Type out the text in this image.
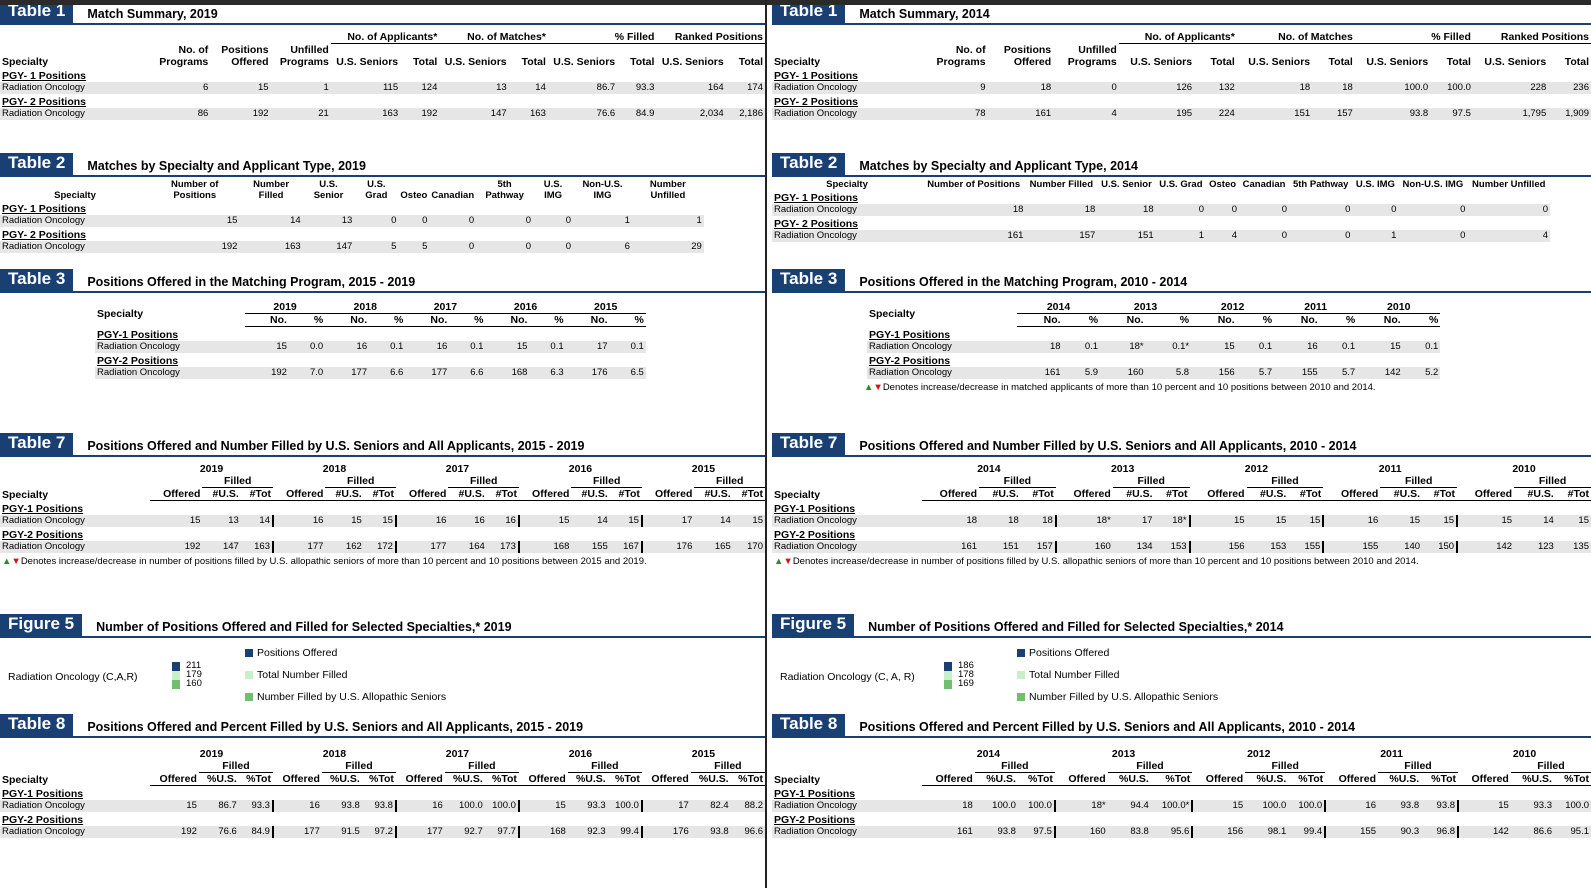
Table 1	Match Summary, 2019
Specialty				No. of Applicants*		No. of Matches*		% Filled		Ranked Positions	
	No. of Programs	Positions Offered	Unfilled Programs	U.S. Seniors	Total	U.S. Seniors	Total	U.S. Seniors	Total	U.S. Seniors	Total
PGY- 1 Positions											
Radiation Oncology	6	15	1	115	124	13	14	86.7	93.3	164	174
PGY- 2 Positions											
Radiation Oncology	86	192	21	163	192	147	163	76.6	84.9	2,034	2,186
Table 2	Matches by Specialty and Applicant Type, 2019
Specialty	Number of Positions	Number Filled	U.S. Senior	U.S. Grad	Osteo	Canadian	5th Pathway	U.S. IMG	Non-U.S. IMG	Number Unfilled
PGY- 1 Positions										
Radiation Oncology	15	14	13	0	0	0	0	0	1	1
PGY- 2 Positions										
Radiation Oncology	192	163	147	5	5	0	0	0	6	29
Table 3	Positions Offered in the Matching Program, 2015 - 2019
Specialty	2019		2018		2017		2016		2015	
	No.	%	No.	%	No.	%	No.	%	No.	%
PGY-1 Positions										
Radiation Oncology	15	0.0	16	0.1	16	0.1	15	0.1	17	0.1
PGY-2 Positions										
Radiation Oncology	192	7.0	177	6.6	177	6.6	168	6.3	176	6.5
Table 7	Positions Offered and Number Filled by U.S. Seniors and All Applicants, 2015 - 2019
Specialty	2019			2018			2017			2016			2015		
		Filled			Filled			Filled			Filled			Filled	
	Offered	#U.S.	#Tot	Offered	#U.S.	#Tot	Offered	#U.S.	#Tot	Offered	#U.S.	#Tot	Offered	#U.S.	#Tot
PGY-1 Positions															
Radiation Oncology	15	13	14	16	15	15	16	16	16	15	14	15	17	14	15
PGY-2 Positions															
Radiation Oncology	192	147	163	177	162	172	177	164	173	168	155	167	176	165	170
▲▼Denotes increase/decrease in number of positions filled by U.S. allopathic seniors of more than 10 percent and 10 positions between 2015 and 2019.
Figure 5	Number of Positions Offered and Filled for Selected Specialties,* 2019
Radiation Oncology (C,A,R)
211
179
160
Positions Offered
Total Number Filled
Number Filled by U.S. Allopathic Seniors
Table 8	Positions Offered and Percent Filled by U.S. Seniors and All Applicants, 2015 - 2019
Specialty	2019			2018			2017			2016			2015		
		Filled			Filled			Filled			Filled			Filled	
	Offered	%U.S.	%Tot	Offered	%U.S.	%Tot	Offered	%U.S.	%Tot	Offered	%U.S.	%Tot	Offered	%U.S.	%Tot
PGY-1 Positions															
Radiation Oncology	15	86.7	93.3	16	93.8	93.8	16	100.0	100.0	15	93.3	100.0	17	82.4	88.2
PGY-2 Positions															
Radiation Oncology	192	76.6	84.9	177	91.5	97.2	177	92.7	97.7	168	92.3	99.4	176	93.8	96.6
Table 1	Match Summary, 2014
Specialty				No. of Applicants*		No. of Matches		% Filled		Ranked Positions	
	No. of Programs	Positions Offered	Unfilled Programs	U.S. Seniors	Total	U.S. Seniors	Total	U.S. Seniors	Total	U.S. Seniors	Total
PGY- 1 Positions											
Radiation Oncology	9	18	0	126	132	18	18	100.0	100.0	228	236
PGY- 2 Positions											
Radiation Oncology	78	161	4	195	224	151	157	93.8	97.5	1,795	1,909
Table 2	Matches by Specialty and Applicant Type, 2014
Specialty	Number of Positions	Number Filled	U.S. Senior	U.S. Grad	Osteo	Canadian	5th Pathway	U.S. IMG	Non-U.S. IMG	Number Unfilled
PGY- 1 Positions										
Radiation Oncology	18	18	18	0	0	0	0	0	0	0
PGY- 2 Positions										
Radiation Oncology	161	157	151	1	4	0	0	1	0	4
Table 3	Positions Offered in the Matching Program, 2010 - 2014
Specialty	2014		2013		2012		2011		2010	
	No.	%	No.	%	No.	%	No.	%	No.	%
PGY-1 Positions										
Radiation Oncology	18	0.1	18*	0.1*	15	0.1	16	0.1	15	0.1
PGY-2 Positions										
Radiation Oncology	161	5.9	160	5.8	156	5.7	155	5.7	142	5.2
▲▼Denotes increase/decrease in matched applicants of more than 10 percent and 10 positions between 2010 and 2014.
Table 7	Positions Offered and Number Filled by U.S. Seniors and All Applicants, 2010 - 2014
Specialty	2014			2013			2012			2011			2010		
		Filled			Filled			Filled			Filled			Filled	
	Offered	#U.S.	#Tot	Offered	#U.S.	#Tot	Offered	#U.S.	#Tot	Offered	#U.S.	#Tot	Offered	#U.S.	#Tot
PGY-1 Positions															
Radiation Oncology	18	18	18	18*	17	18*	15	15	15	16	15	15	15	14	15
PGY-2 Positions															
Radiation Oncology	161	151	157	160	134	153	156	153	155	155	140	150	142	123	135
▲▼Denotes increase/decrease in number of positions filled by U.S. allopathic seniors of more than 10 percent and 10 positions between 2010 and 2014.
Figure 5	Number of Positions Offered and Filled for Selected Specialties,* 2014
Radiation Oncology (C, A, R)
186
178
169
Positions Offered
Total Number Filled
Number Filled by U.S. Allopathic Seniors
Table 8	Positions Offered and Percent Filled by U.S. Seniors and All Applicants, 2010 - 2014
Specialty	2014			2013			2012			2011			2010		
		Filled			Filled			Filled			Filled			Filled	
	Offered	%U.S.	%Tot	Offered	%U.S.	%Tot	Offered	%U.S.	%Tot	Offered	%U.S.	%Tot	Offered	%U.S.	%Tot
PGY-1 Positions															
Radiation Oncology	18	100.0	100.0	18*	94.4	100.0*	15	100.0	100.0	16	93.8	93.8	15	93.3	100.0
PGY-2 Positions															
Radiation Oncology	161	93.8	97.5	160	83.8	95.6	156	98.1	99.4	155	90.3	96.8	142	86.6	95.1
